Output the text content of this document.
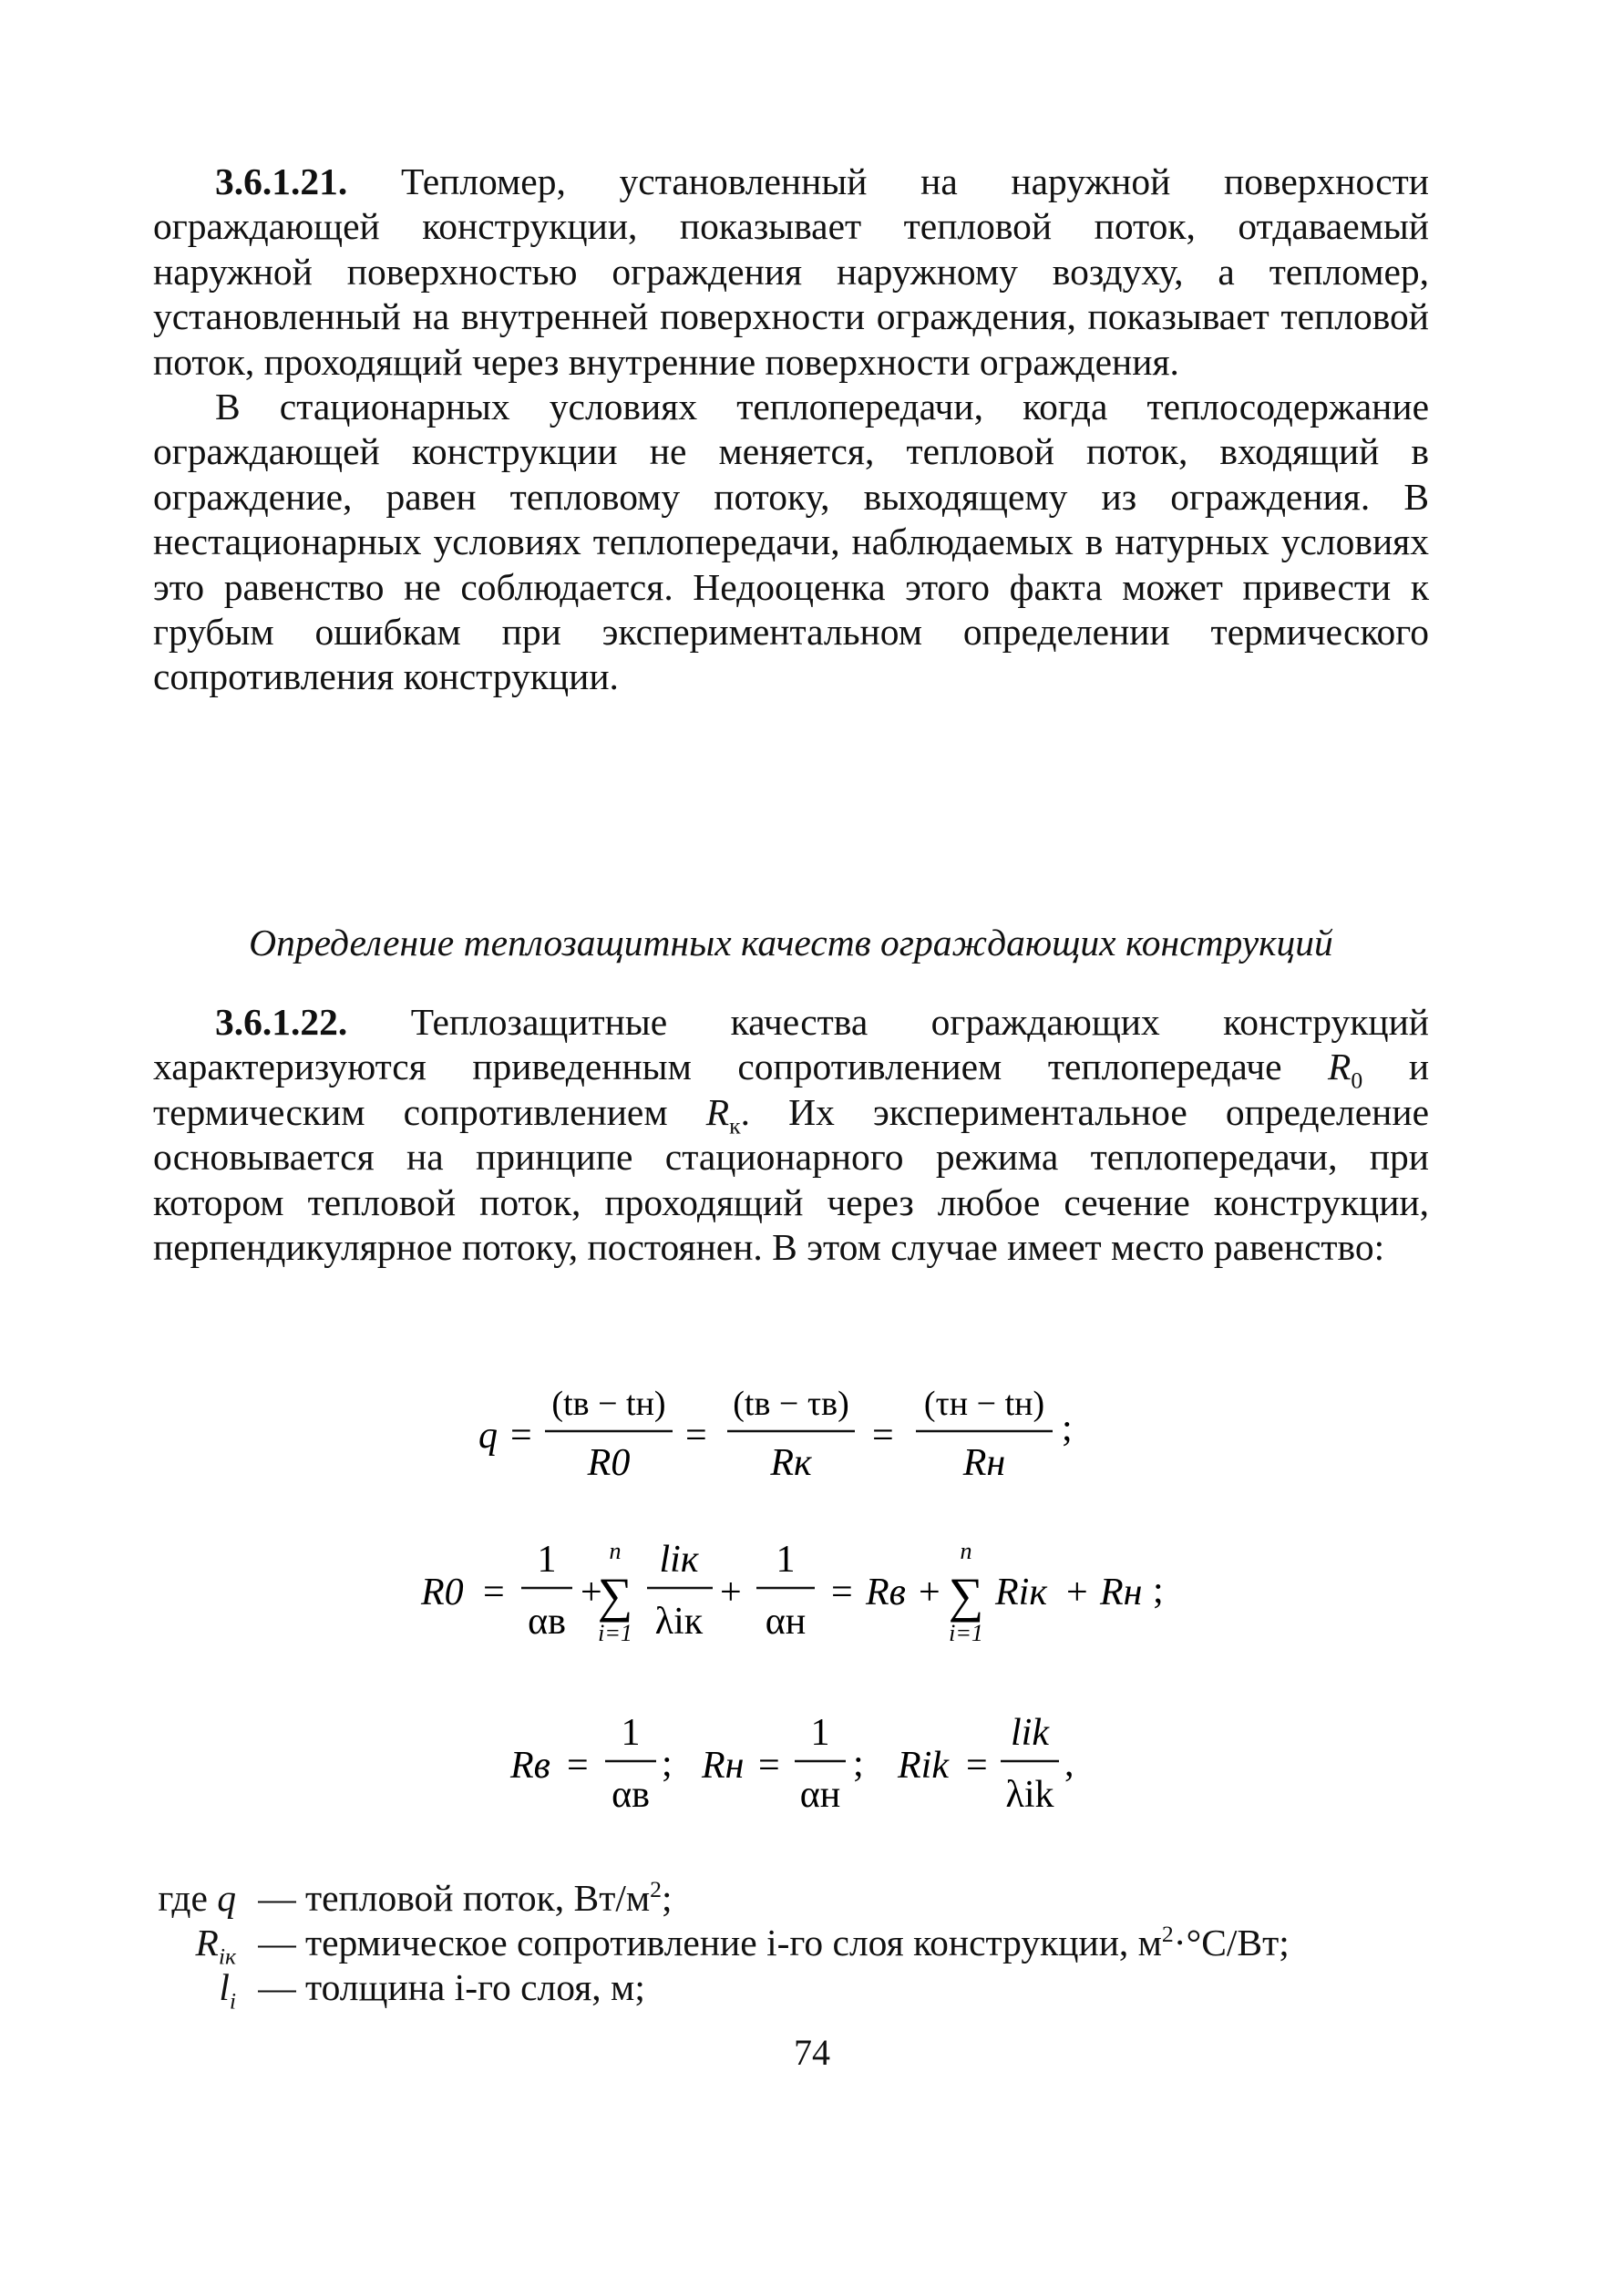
3.6.1.21. Тепломер, установленный на наружной поверхности ограждающей конструкции, показывает тепловой поток, отдаваемый наружной поверхностью ограждения наружному воздуху, а тепломер, установленный на внутренней поверхности ограждения, показывает тепловой поток, проходящий через внутренние поверхности ограждения.

В стационарных условиях теплопередачи, когда теплосодержание ограждающей конструкции не меняется, тепловой поток, входящий в ограждение, равен тепловому потоку, выходящему из ограждения. В нестационарных условиях теплопередачи, наблюдаемых в натурных условиях это равенство не соблюдается. Недооценка этого факта может привести к грубым ошибкам при экспериментальном определении термического сопротивления конструкции.

Определение теплозащитных качеств ограждающих конструкций

3.6.1.22. Теплозащитные качества ограждающих конструкций характеризуются приведенным сопротивлением теплопередаче $R_0$ и термическим сопротивлением $R_к$. Их экспериментальное определение основывается на принципе стационарного режима теплопередачи, при котором тепловой поток, проходящий через любое сечение конструкции, перпендикулярное потоку, постоянен. В этом случае имеет место равенство:

q =
(tв − tн)
R0
=
(tв − τв)
Rк
=
(τн − tн)
Rн
;
R0 =
1
αв
+
n
∑
i=1
liк
λiк
+
1
αн
= Rв +
n
∑
i=1
Riк + Rн ;
Rв =
1
αв
; Rн =
1
αн
; Rik =
lik
λik
,
где q — тепловой поток, $Вт/м^2$;
$R_{iк}$ — термическое сопротивление i-го слоя конструкции, $м^2\cdot^\circ С/Вт$;
$l_i$ — толщина i-го слоя, м;
74
